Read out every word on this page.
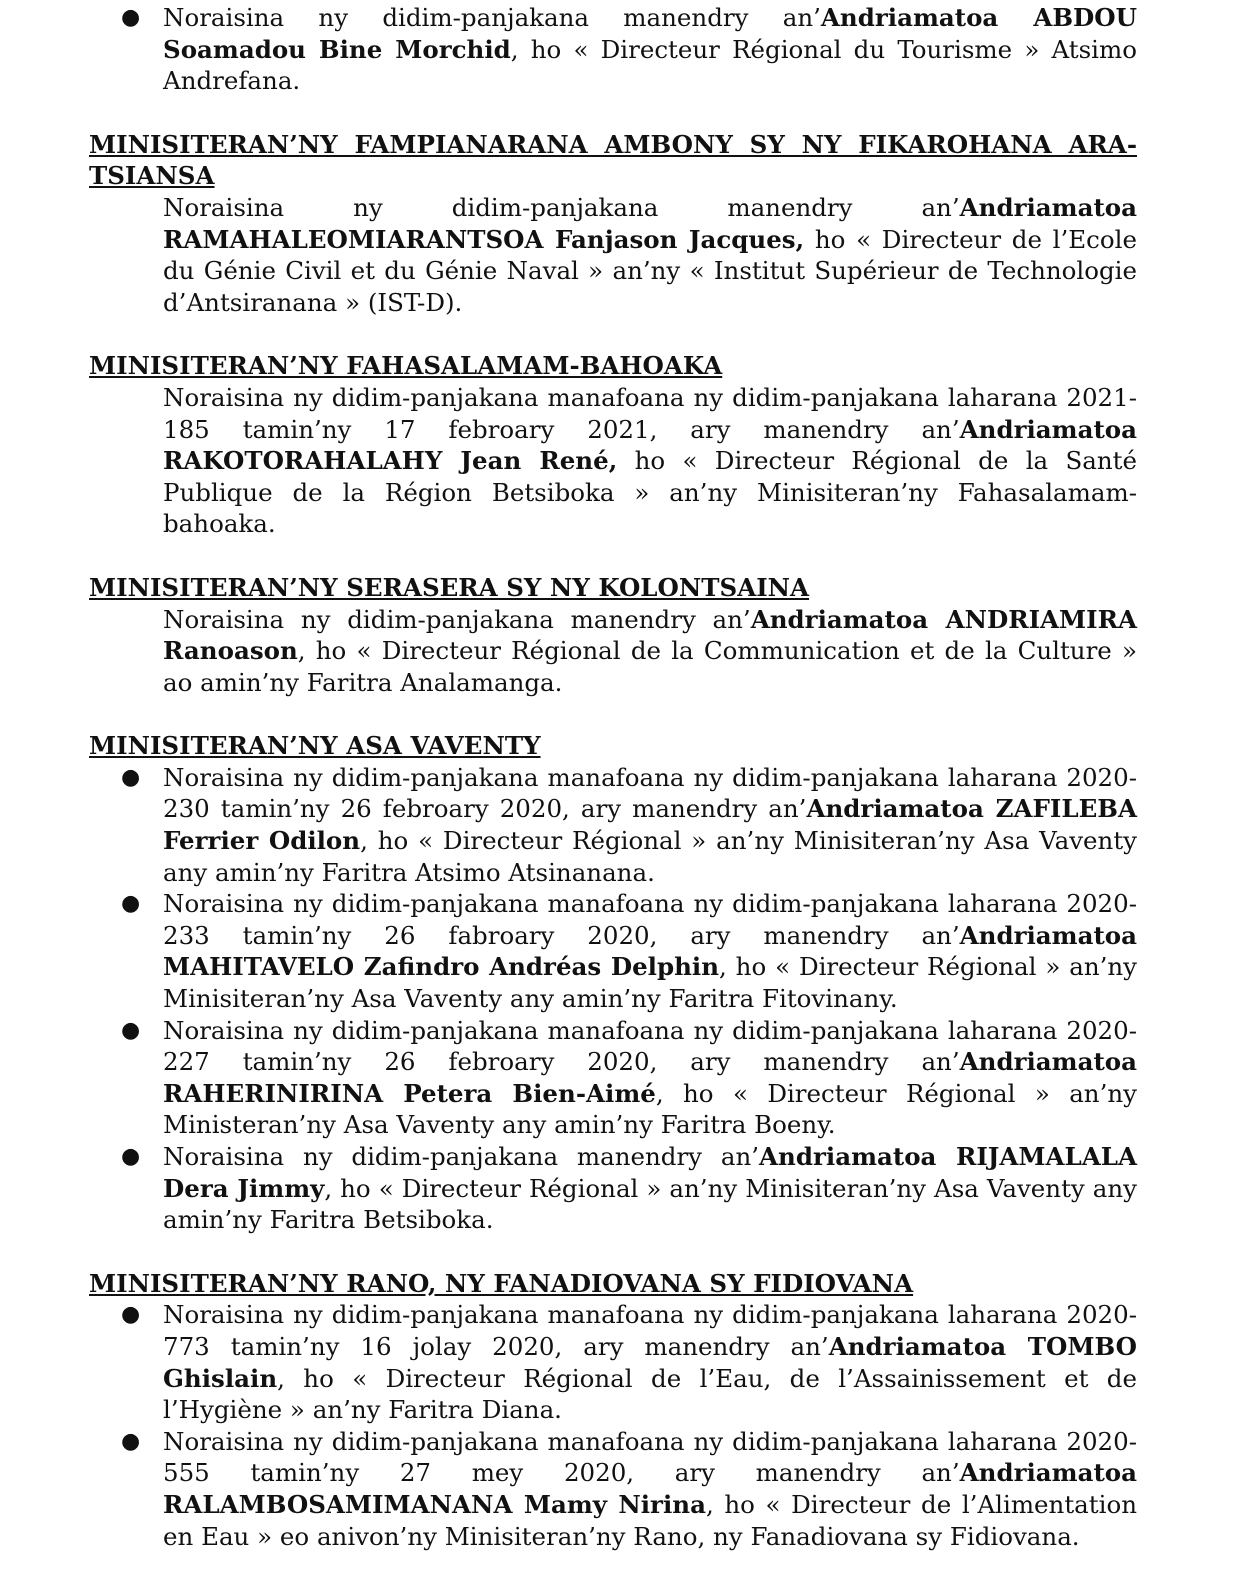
● Noraisina ny didim-panjakana manendry an’Andriamatoa ABDOU Soamadou Bine Morchid, ho « Directeur Régional du Tourisme » Atsimo Andrefana.
MINISITERAN’NY FAMPIANARANA AMBONY SY NY FIKAROHANA ARA-TSIANSA
Noraisina ny didim-panjakana manendry an’Andriamatoa RAMAHALEOMIARANTSOA Fanjason Jacques, ho « Directeur de l’Ecole du Génie Civil et du Génie Naval » an’ny « Institut Supérieur de Technologie d’Antsiranana » (IST-D).
MINISITERAN’NY FAHASALAMAM-BAHOAKA
Noraisina ny didim-panjakana manafoana ny didim-panjakana laharana 2021-185 tamin’ny 17 febroary 2021, ary manendry an’Andriamatoa RAKOTORAHALAHY Jean René, ho « Directeur Régional de la Santé Publique de la Région Betsiboka » an’ny Minisiteran’ny Fahasalamam-bahoaka.
MINISITERAN’NY SERASERA SY NY KOLONTSAINA
Noraisina ny didim-panjakana manendry an’Andriamatoa ANDRIAMIRA Ranoason, ho « Directeur Régional de la Communication et de la Culture » ao amin’ny Faritra Analamanga.
MINISITERAN’NY ASA VAVENTY
● Noraisina ny didim-panjakana manafoana ny didim-panjakana laharana 2020-230 tamin’ny 26 febroary 2020, ary manendry an’Andriamatoa ZAFILEBA Ferrier Odilon, ho « Directeur Régional » an’ny Minisiteran’ny Asa Vaventy any amin’ny Faritra Atsimo Atsinanana.
● Noraisina ny didim-panjakana manafoana ny didim-panjakana laharana 2020-233 tamin’ny 26 fabroary 2020, ary manendry an’Andriamatoa MAHITAVELO Zafindro Andréas Delphin, ho « Directeur Régional » an’ny Minisiteran’ny Asa Vaventy any amin’ny Faritra Fitovinany.
● Noraisina ny didim-panjakana manafoana ny didim-panjakana laharana 2020-227 tamin’ny 26 febroary 2020, ary manendry an’Andriamatoa RAHERINIRINA Petera Bien-Aimé, ho « Directeur Régional » an’ny Ministeran’ny Asa Vaventy any amin’ny Faritra Boeny.
● Noraisina ny didim-panjakana manendry an’Andriamatoa RIJAMALALA Dera Jimmy, ho « Directeur Régional » an’ny Minisiteran’ny Asa Vaventy any amin’ny Faritra Betsiboka.
MINISITERAN’NY RANO, NY FANADIOVANA SY FIDIOVANA
● Noraisina ny didim-panjakana manafoana ny didim-panjakana laharana 2020-773 tamin’ny 16 jolay 2020, ary manendry an’Andriamatoa TOMBO Ghislain, ho « Directeur Régional de l’Eau, de l’Assainissement et de l’Hygiène » an’ny Faritra Diana.
● Noraisina ny didim-panjakana manafoana ny didim-panjakana laharana 2020-555 tamin’ny 27 mey 2020, ary manendry an’Andriamatoa RALAMBOSAMIMANANA Mamy Nirina, ho « Directeur de l’Alimentation en Eau » eo anivon’ny Minisiteran’ny Rano, ny Fanadiovana sy Fidiovana.
